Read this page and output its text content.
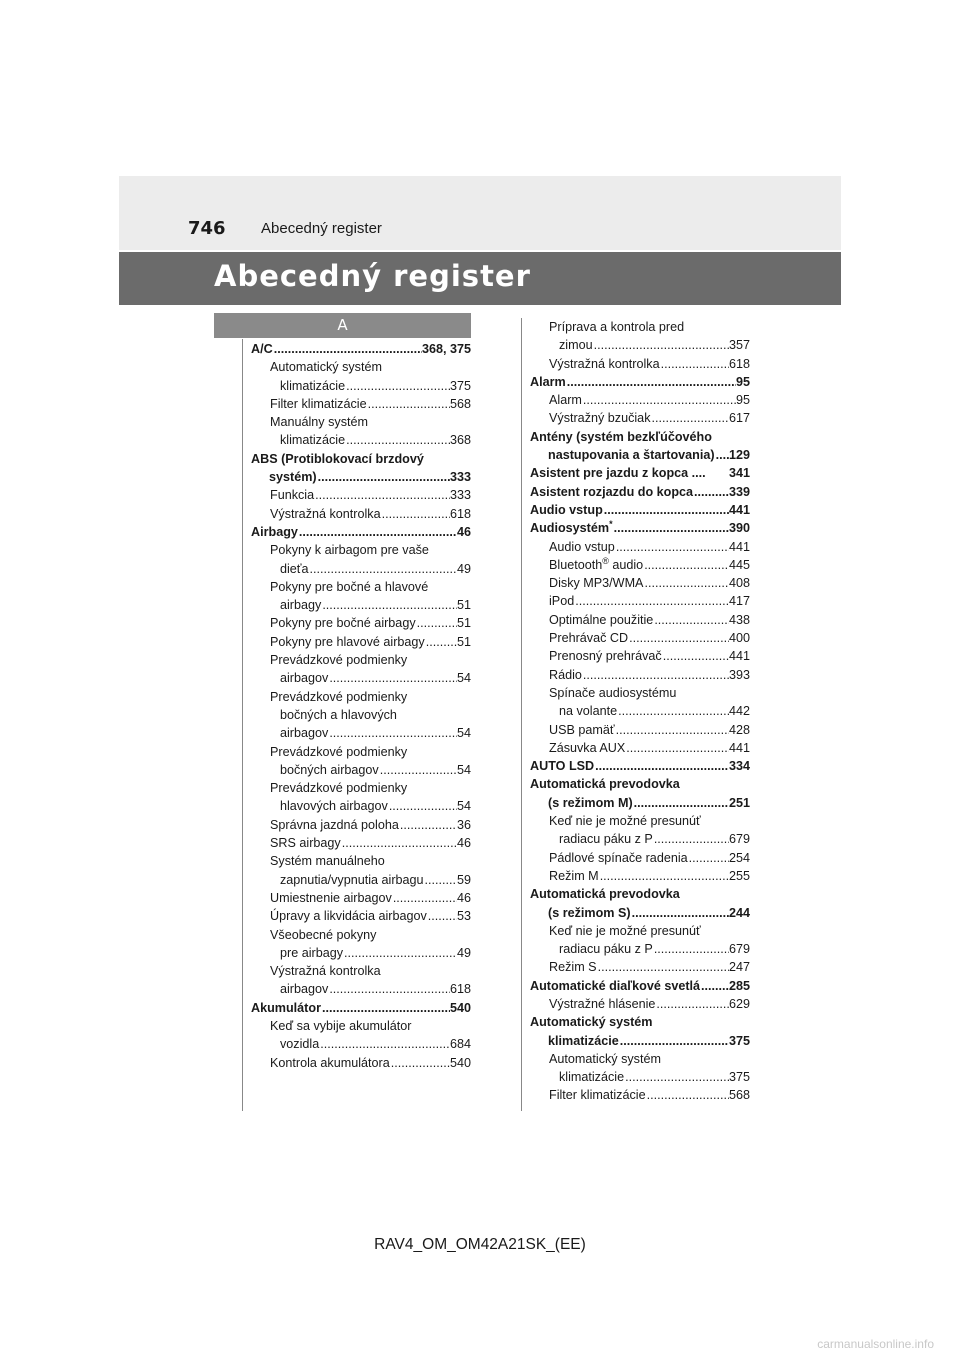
746 Abecedný register
Abecedný register
A
A/C .....	368, 375
Automatický systém
klimatizácie .....	375
Filter klimatizácie .....	568
Manuálny systém
klimatizácie .....	368
ABS (Protiblokovací brzdový
systém) .....	333
Funkcia .....	333
Výstražná kontrolka .....	618
Airbagy .....	46
Pokyny k airbagom pre vaše
dieťa .....	49
Pokyny pre bočné a hlavové
airbagy .....	51
Pokyny pre bočné airbagy .....	51
Pokyny pre hlavové airbagy .....	51
Prevádzkové podmienky
airbagov .....	54
Prevádzkové podmienky
bočných a hlavových
airbagov .....	54
Prevádzkové podmienky
bočných airbagov .....	54
Prevádzkové podmienky
hlavových airbagov .....	54
Správna jazdná poloha .....	36
SRS airbagy .....	46
Systém manuálneho
zapnutia/vypnutia airbagu .....	59
Umiestnenie airbagov .....	46
Úpravy a likvidácia airbagov ..... 53
Všeobecné pokyny
pre airbagy .....	49
Výstražná kontrolka
airbagov .....	618
Akumulátor .....	540
Keď sa vybije akumulátor
vozidla .....	684
Kontrola akumulátora .....	540
Príprava a kontrola pred
zimou .....	357
Výstražná kontrolka .....	618
Alarm .....	95
Alarm .....	95
Výstražný bzučiak .....	617
Antény (systém bezkľúčového
nastupovania a štartovania) ..... 129
Asistent pre jazdu z kopca .... 341
Asistent rozjazdu do kopca .....	339
Audio vstup .....	441
Audiosystém* .....	390
Audio vstup .....	441
Bluetooth® audio .....	445
Disky MP3/WMA .....	408
iPod .....	417
Optimálne použitie .....	438
Prehrávač CD .....	400
Prenosný prehrávač .....	441
Rádio .....	393
Spínače audiosystému
na volante .....	442
USB pamäť .....	428
Zásuvka AUX .....	441
AUTO LSD .....	334
Automatická prevodovka
(s režimom M) .....	251
Keď nie je možné presunúť
radiacu páku z P .....	679
Pádlové spínače radenia .....	254
Režim M .....	255
Automatická prevodovka
(s režimom S) .....	244
Keď nie je možné presunúť
radiacu páku z P .....	679
Režim S .....	247
Automatické diaľkové svetlá ..... 285
Výstražné hlásenie .....	629
Automatický systém
klimatizácie .....	375
Automatický systém
klimatizácie .....	375
Filter klimatizácie .....	568
RAV4_OM_OM42A21SK_(EE)
carmanualsonline.info
